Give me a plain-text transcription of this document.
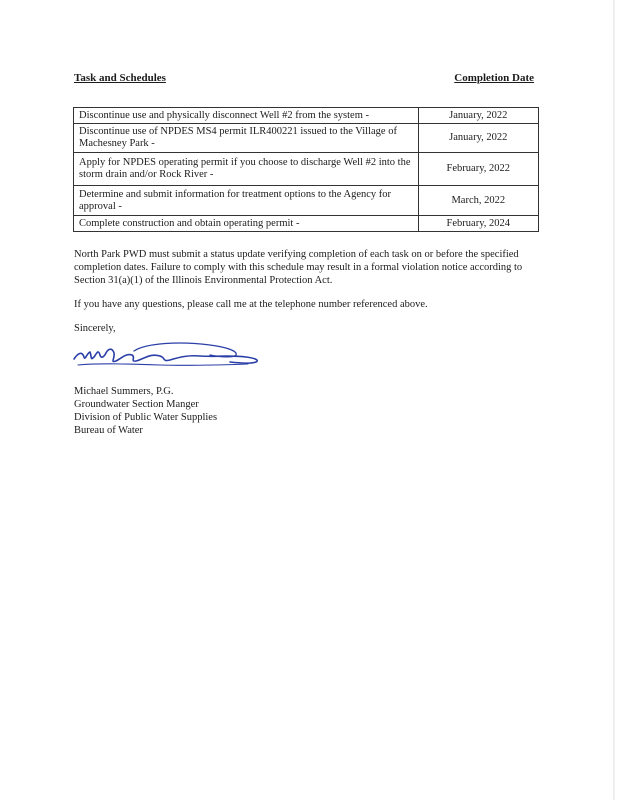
Task and Schedules	Completion Date
Discontinue use and physically disconnect Well #2 from the system -	January, 2022
Discontinue use of NPDES MS4 permit ILR400221 issued to the Village of Machesney Park -	January, 2022
Apply for NPDES operating permit if you choose to discharge Well #2 into the storm drain and/or Rock River -	February, 2022
Determine and submit information for treatment options to the Agency for approval -	March, 2022
Complete construction and obtain operating permit -	February, 2024
North Park PWD must submit a status update verifying completion of each task on or before the specified completion dates. Failure to comply with this schedule may result in a formal violation notice according to Section 31(a)(1) of the Illinois Environmental Protection Act.
If you have any questions, please call me at the telephone number referenced above.
Sincerely,
Michael Summers, P.G.
Groundwater Section Manger
Division of Public Water Supplies
Bureau of Water
